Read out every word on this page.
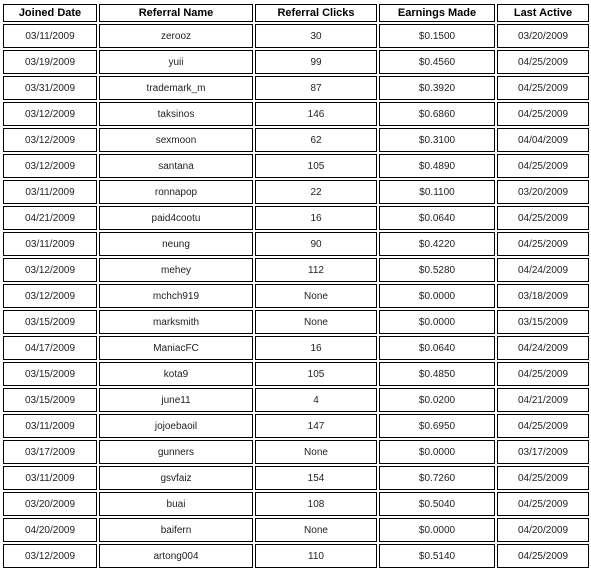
Joined Date	Referral Name	Referral Clicks	Earnings Made	Last Active
03/11/2009	zerooz	30	$0.1500	03/20/2009
03/19/2009	yuii	99	$0.4560	04/25/2009
03/31/2009	trademark_m	87	$0.3920	04/25/2009
03/12/2009	taksinos	146	$0.6860	04/25/2009
03/12/2009	sexmoon	62	$0.3100	04/04/2009
03/12/2009	santana	105	$0.4890	04/25/2009
03/11/2009	ronnapop	22	$0.1100	03/20/2009
04/21/2009	paid4cootu	16	$0.0640	04/25/2009
03/11/2009	neung	90	$0.4220	04/25/2009
03/12/2009	mehey	112	$0.5280	04/24/2009
03/12/2009	mchch919	None	$0.0000	03/18/2009
03/15/2009	marksmith	None	$0.0000	03/15/2009
04/17/2009	ManiacFC	16	$0.0640	04/24/2009
03/15/2009	kota9	105	$0.4850	04/25/2009
03/15/2009	june11	4	$0.0200	04/21/2009
03/11/2009	jojoebaoil	147	$0.6950	04/25/2009
03/17/2009	gunners	None	$0.0000	03/17/2009
03/11/2009	gsvfaiz	154	$0.7260	04/25/2009
03/20/2009	buai	108	$0.5040	04/25/2009
04/20/2009	baifern	None	$0.0000	04/20/2009
03/12/2009	artong004	110	$0.5140	04/25/2009
